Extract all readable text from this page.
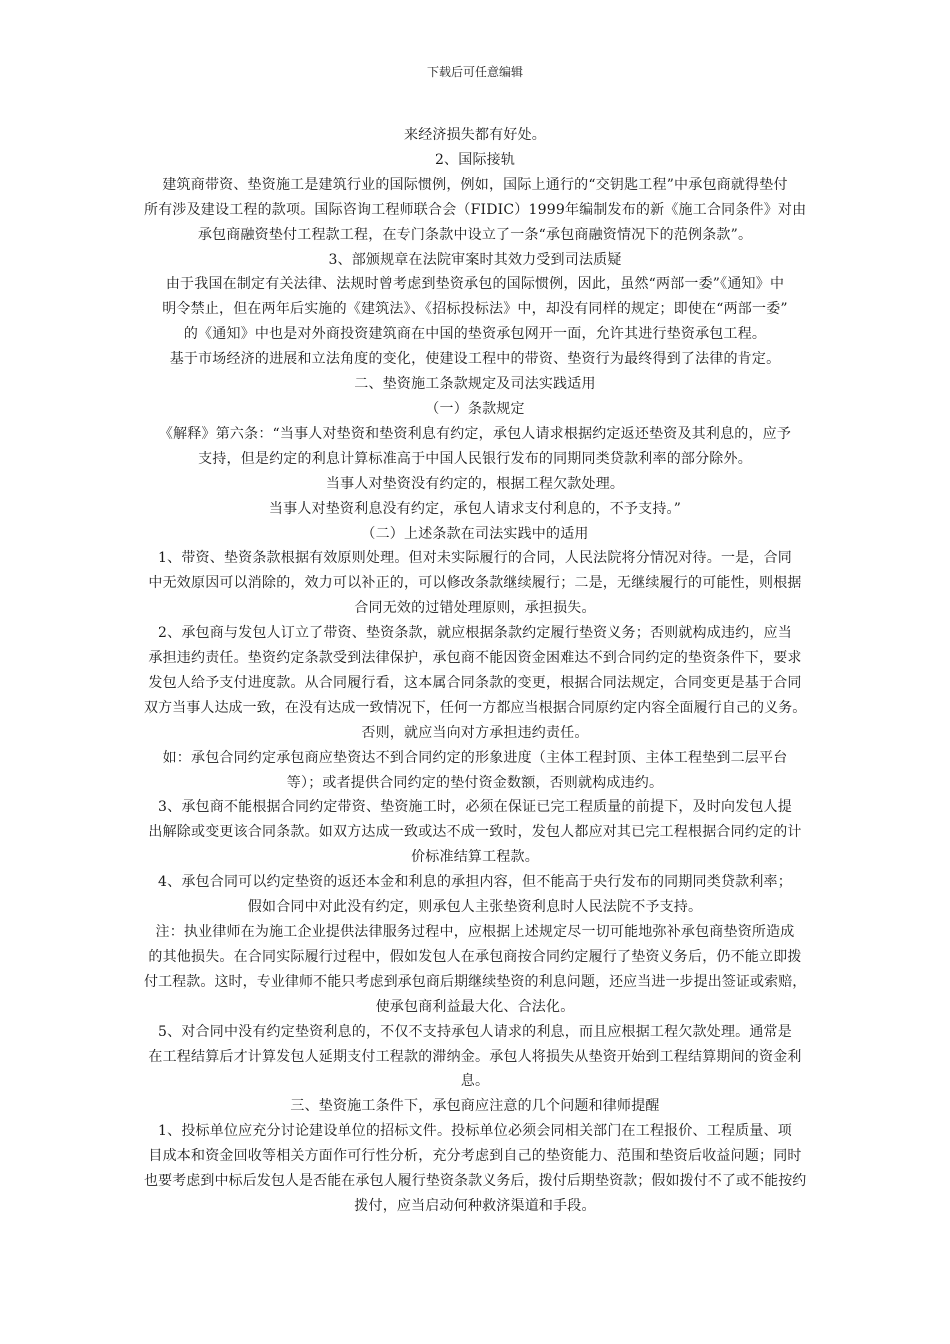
下载后可任意编辑

来经济损失都有好处。

2、国际接轨

建筑商带资、垫资施工是建筑行业的国际惯例，例如，国际上通行的“交钥匙工程”中承包商就得垫付

所有涉及建设工程的款项。国际咨询工程师联合会（FIDIC）1999年编制发布的新《施工合同条件》对由

承包商融资垫付工程款工程，在专门条款中设立了一条“承包商融资情况下的范例条款”。

3、部颁规章在法院审案时其效力受到司法质疑

由于我国在制定有关法律、法规时曾考虑到垫资承包的国际惯例，因此，虽然“两部一委”《通知》中

明令禁止，但在两年后实施的《建筑法》、《招标投标法》中，却没有同样的规定；即使在“两部一委”

的《通知》中也是对外商投资建筑商在中国的垫资承包网开一面，允许其进行垫资承包工程。

基于市场经济的进展和立法角度的变化，使建设工程中的带资、垫资行为最终得到了法律的肯定。

二、垫资施工条款规定及司法实践适用

（一）条款规定

《解释》第六条：“当事人对垫资和垫资利息有约定，承包人请求根据约定返还垫资及其利息的，应予

支持，但是约定的利息计算标准高于中国人民银行发布的同期同类贷款利率的部分除外。

当事人对垫资没有约定的，根据工程欠款处理。

当事人对垫资利息没有约定，承包人请求支付利息的，不予支持。”

（二）上述条款在司法实践中的适用

1、带资、垫资条款根据有效原则处理。但对未实际履行的合同，人民法院将分情况对待。一是，合同

中无效原因可以消除的，效力可以补正的，可以修改条款继续履行；二是，无继续履行的可能性，则根据

合同无效的过错处理原则，承担损失。

2、承包商与发包人订立了带资、垫资条款，就应根据条款约定履行垫资义务；否则就构成违约，应当

承担违约责任。垫资约定条款受到法律保护，承包商不能因资金困难达不到合同约定的垫资条件下，要求

发包人给予支付进度款。从合同履行看，这本属合同条款的变更，根据合同法规定，合同变更是基于合同

双方当事人达成一致，在没有达成一致情况下，任何一方都应当根据合同原约定内容全面履行自己的义务。

否则，就应当向对方承担违约责任。

如：承包合同约定承包商应垫资达不到合同约定的形象进度（主体工程封顶、主体工程垫到二层平台

等）；或者提供合同约定的垫付资金数额，否则就构成违约。

3、承包商不能根据合同约定带资、垫资施工时，必须在保证已完工程质量的前提下，及时向发包人提

出解除或变更该合同条款。如双方达成一致或达不成一致时，发包人都应对其已完工程根据合同约定的计

价标准结算工程款。

4、承包合同可以约定垫资的返还本金和利息的承担内容，但不能高于央行发布的同期同类贷款利率；

假如合同中对此没有约定，则承包人主张垫资利息时人民法院不予支持。

注：执业律师在为施工企业提供法律服务过程中，应根据上述规定尽一切可能地弥补承包商垫资所造成

的其他损失。在合同实际履行过程中，假如发包人在承包商按合同约定履行了垫资义务后，仍不能立即拨

付工程款。这时，专业律师不能只考虑到承包商后期继续垫资的利息问题，还应当进一步提出签证或索赔，

使承包商利益最大化、合法化。

5、对合同中没有约定垫资利息的，不仅不支持承包人请求的利息，而且应根据工程欠款处理。通常是

在工程结算后才计算发包人延期支付工程款的滞纳金。承包人将损失从垫资开始到工程结算期间的资金利

息。

三、垫资施工条件下，承包商应注意的几个问题和律师提醒

1、投标单位应充分讨论建设单位的招标文件。投标单位必须会同相关部门在工程报价、工程质量、项

目成本和资金回收等相关方面作可行性分析，充分考虑到自己的垫资能力、范围和垫资后收益问题；同时

也要考虑到中标后发包人是否能在承包人履行垫资条款义务后，拨付后期垫资款；假如拨付不了或不能按约

拨付，应当启动何种救济渠道和手段。
